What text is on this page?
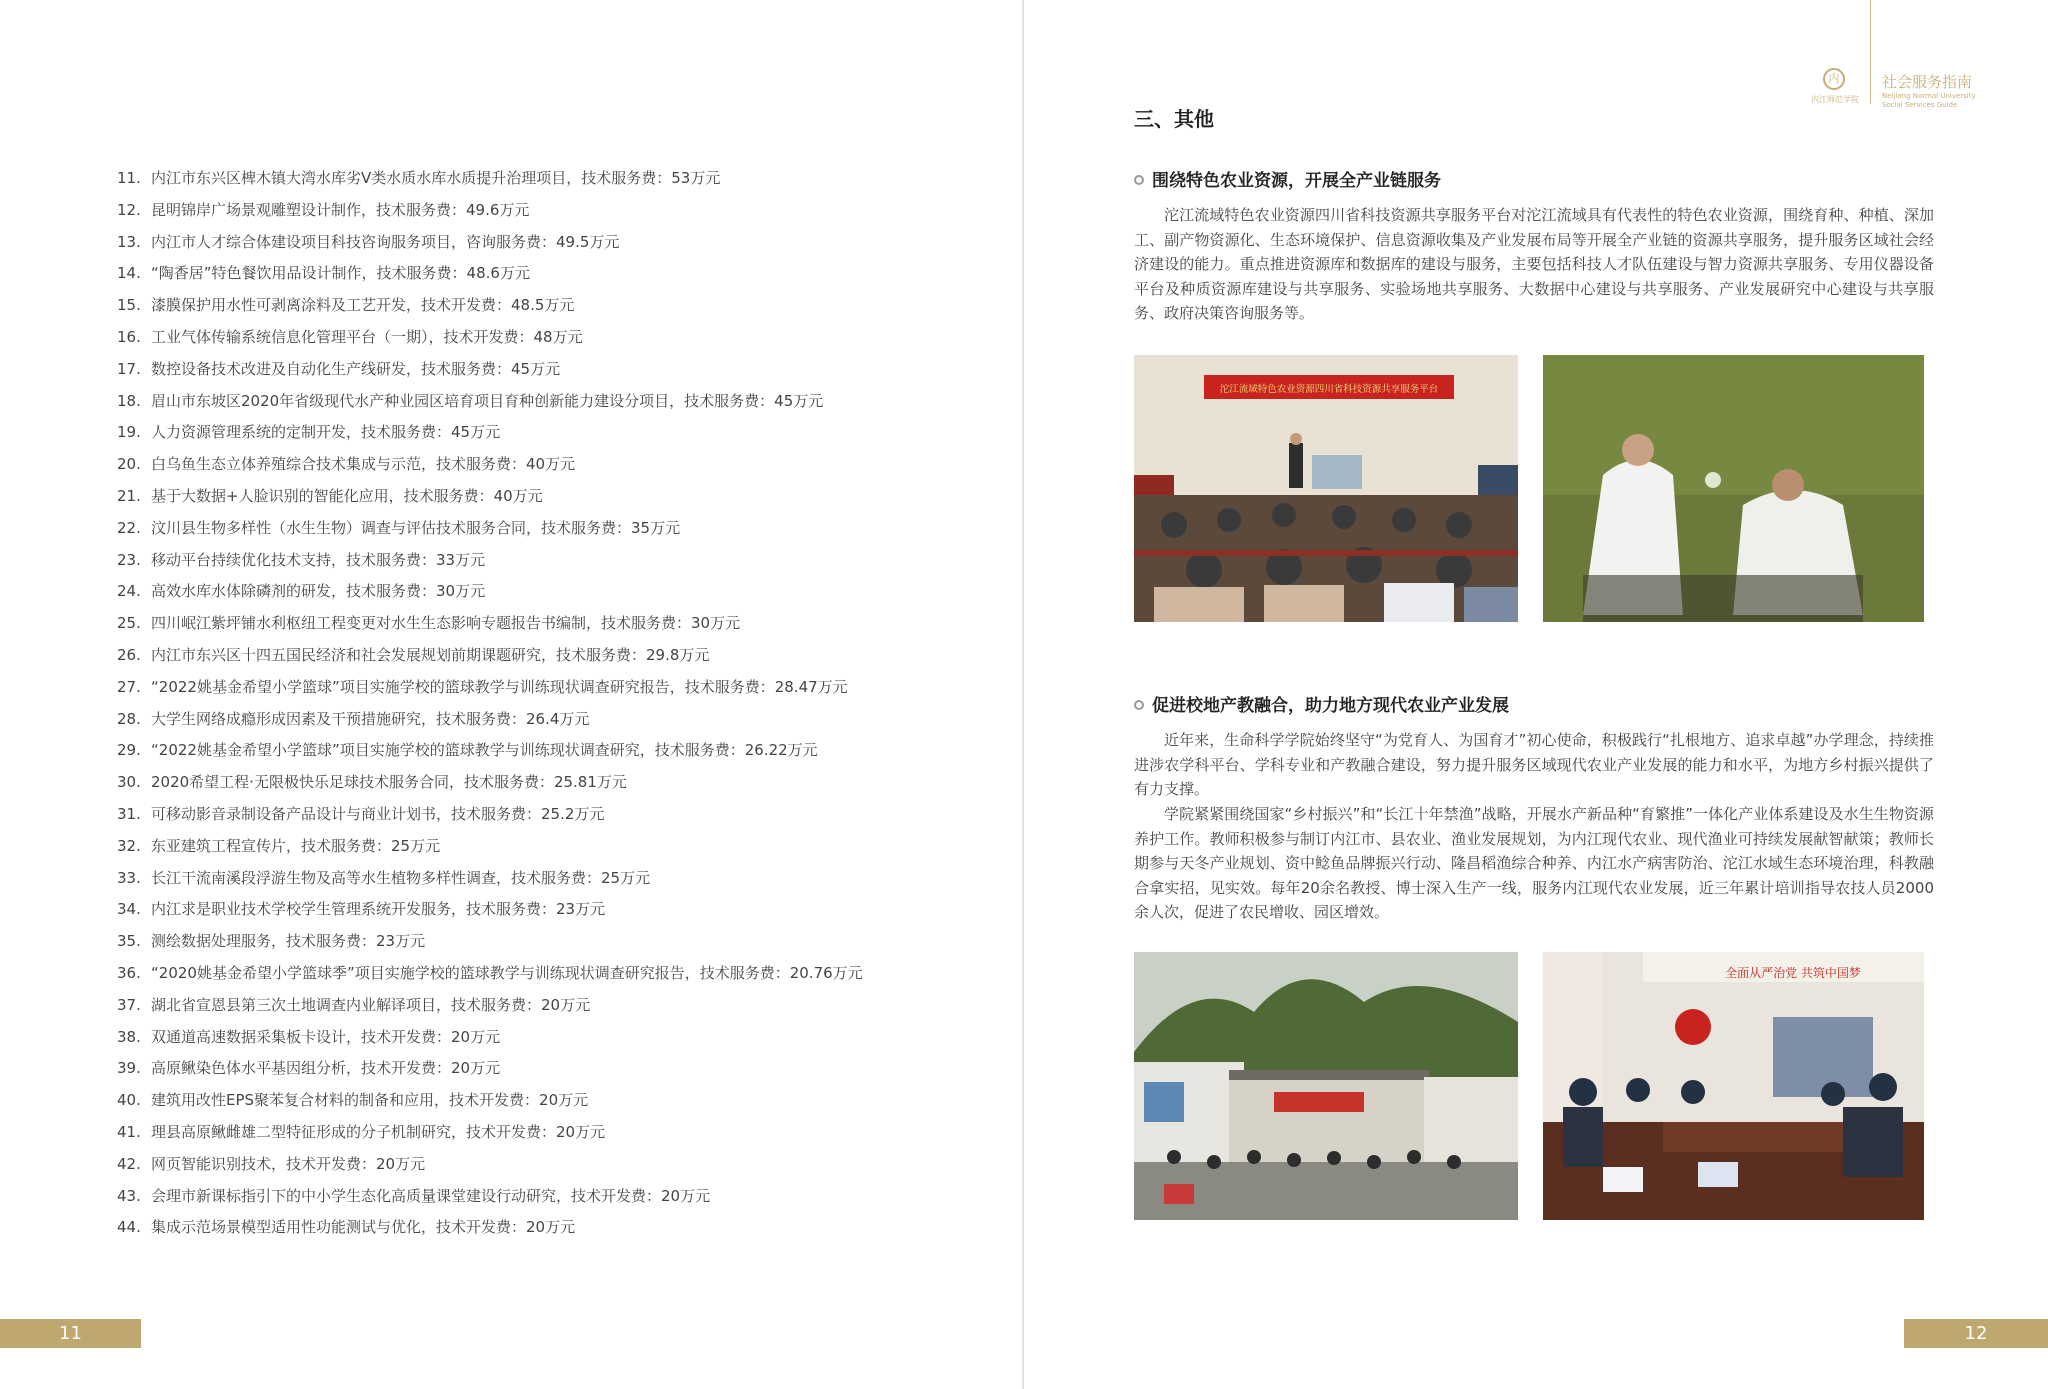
11. 内江市东兴区椑木镇大湾水库劣V类水质水库水质提升治理项目，技术服务费：53万元
12. 昆明锦岸广场景观雕塑设计制作，技术服务费：49.6万元
13. 内江市人才综合体建设项目科技咨询服务项目，咨询服务费：49.5万元
14. “陶香居”特色餐饮用品设计制作，技术服务费：48.6万元
15. 漆膜保护用水性可剥离涂料及工艺开发，技术开发费：48.5万元
16. 工业气体传输系统信息化管理平台（一期），技术开发费：48万元
17. 数控设备技术改进及自动化生产线研发，技术服务费：45万元
18. 眉山市东坡区2020年省级现代水产种业园区培育项目育种创新能力建设分项目，技术服务费：45万元
19. 人力资源管理系统的定制开发，技术服务费：45万元
20. 白乌鱼生态立体养殖综合技术集成与示范，技术服务费：40万元
21. 基于大数据+人脸识别的智能化应用，技术服务费：40万元
22. 汶川县生物多样性（水生生物）调查与评估技术服务合同，技术服务费：35万元
23. 移动平台持续优化技术支持，技术服务费：33万元
24. 高效水库水体除磷剂的研发，技术服务费：30万元
25. 四川岷江紫坪铺水利枢纽工程变更对水生生态影响专题报告书编制，技术服务费：30万元
26. 内江市东兴区十四五国民经济和社会发展规划前期课题研究，技术服务费：29.8万元
27. “2022姚基金希望小学篮球”项目实施学校的篮球教学与训练现状调查研究报告，技术服务费：28.47万元
28. 大学生网络成瘾形成因素及干预措施研究，技术服务费：26.4万元
29. “2022姚基金希望小学篮球”项目实施学校的篮球教学与训练现状调查研究，技术服务费：26.22万元
30. 2020希望工程·无限极快乐足球技术服务合同，技术服务费：25.81万元
31. 可移动影音录制设备产品设计与商业计划书，技术服务费：25.2万元
32. 东亚建筑工程宣传片，技术服务费：25万元
33. 长江干流南溪段浮游生物及高等水生植物多样性调查，技术服务费：25万元
34. 内江求是职业技术学校学生管理系统开发服务，技术服务费：23万元
35. 测绘数据处理服务，技术服务费：23万元
36. “2020姚基金希望小学篮球季”项目实施学校的篮球教学与训练现状调查研究报告，技术服务费：20.76万元
37. 湖北省宣恩县第三次土地调查内业解译项目，技术服务费：20万元
38. 双通道高速数据采集板卡设计，技术开发费：20万元
39. 高原鳅染色体水平基因组分析，技术开发费：20万元
40. 建筑用改性EPS聚苯复合材料的制备和应用，技术开发费：20万元
41. 理县高原鳅雌雄二型特征形成的分子机制研究，技术开发费：20万元
42. 网页智能识别技术，技术开发费：20万元
43. 会理市新课标指引下的中小学生态化高质量课堂建设行动研究，技术开发费：20万元
44. 集成示范场景模型适用性功能测试与优化，技术开发费：20万元
11
内
内江师范学院
社会服务指南
Neijiang Normal University Social Services Guide
三、其他
围绕特色农业资源，开展全产业链服务
沱江流域特色农业资源四川省科技资源共享服务平台对沱江流域具有代表性的特色农业资源，围绕育种、种植、深加工、副产物资源化、生态环境保护、信息资源收集及产业发展布局等开展全产业链的资源共享服务，提升服务区域社会经济建设的能力。重点推进资源库和数据库的建设与服务，主要包括科技人才队伍建设与智力资源共享服务、专用仪器设备平台及种质资源库建设与共享服务、实验场地共享服务、大数据中心建设与共享服务、产业发展研究中心建设与共享服务、政府决策咨询服务等。
沱江流域特色农业资源四川省科技资源共享服务平台
促进校地产教融合，助力地方现代农业产业发展
近年来，生命科学学院始终坚守“为党育人、为国育才”初心使命，积极践行“扎根地方、追求卓越”办学理念，持续推进涉农学科平台、学科专业和产教融合建设，努力提升服务区域现代农业产业发展的能力和水平，为地方乡村振兴提供了有力支撑。
学院紧紧围绕国家“乡村振兴”和“长江十年禁渔”战略，开展水产新品种“育繁推”一体化产业体系建设及水生生物资源养护工作。教师积极参与制订内江市、县农业、渔业发展规划，为内江现代农业、现代渔业可持续发展献智献策；教师长期参与天冬产业规划、资中鲶鱼品牌振兴行动、隆昌稻渔综合种养、内江水产病害防治、沱江水域生态环境治理，科教融合拿实招，见实效。每年20余名教授、博士深入生产一线，服务内江现代农业发展，近三年累计培训指导农技人员2000余人次，促进了农民增收、园区增效。
全面从严治党 共筑中国梦
12
